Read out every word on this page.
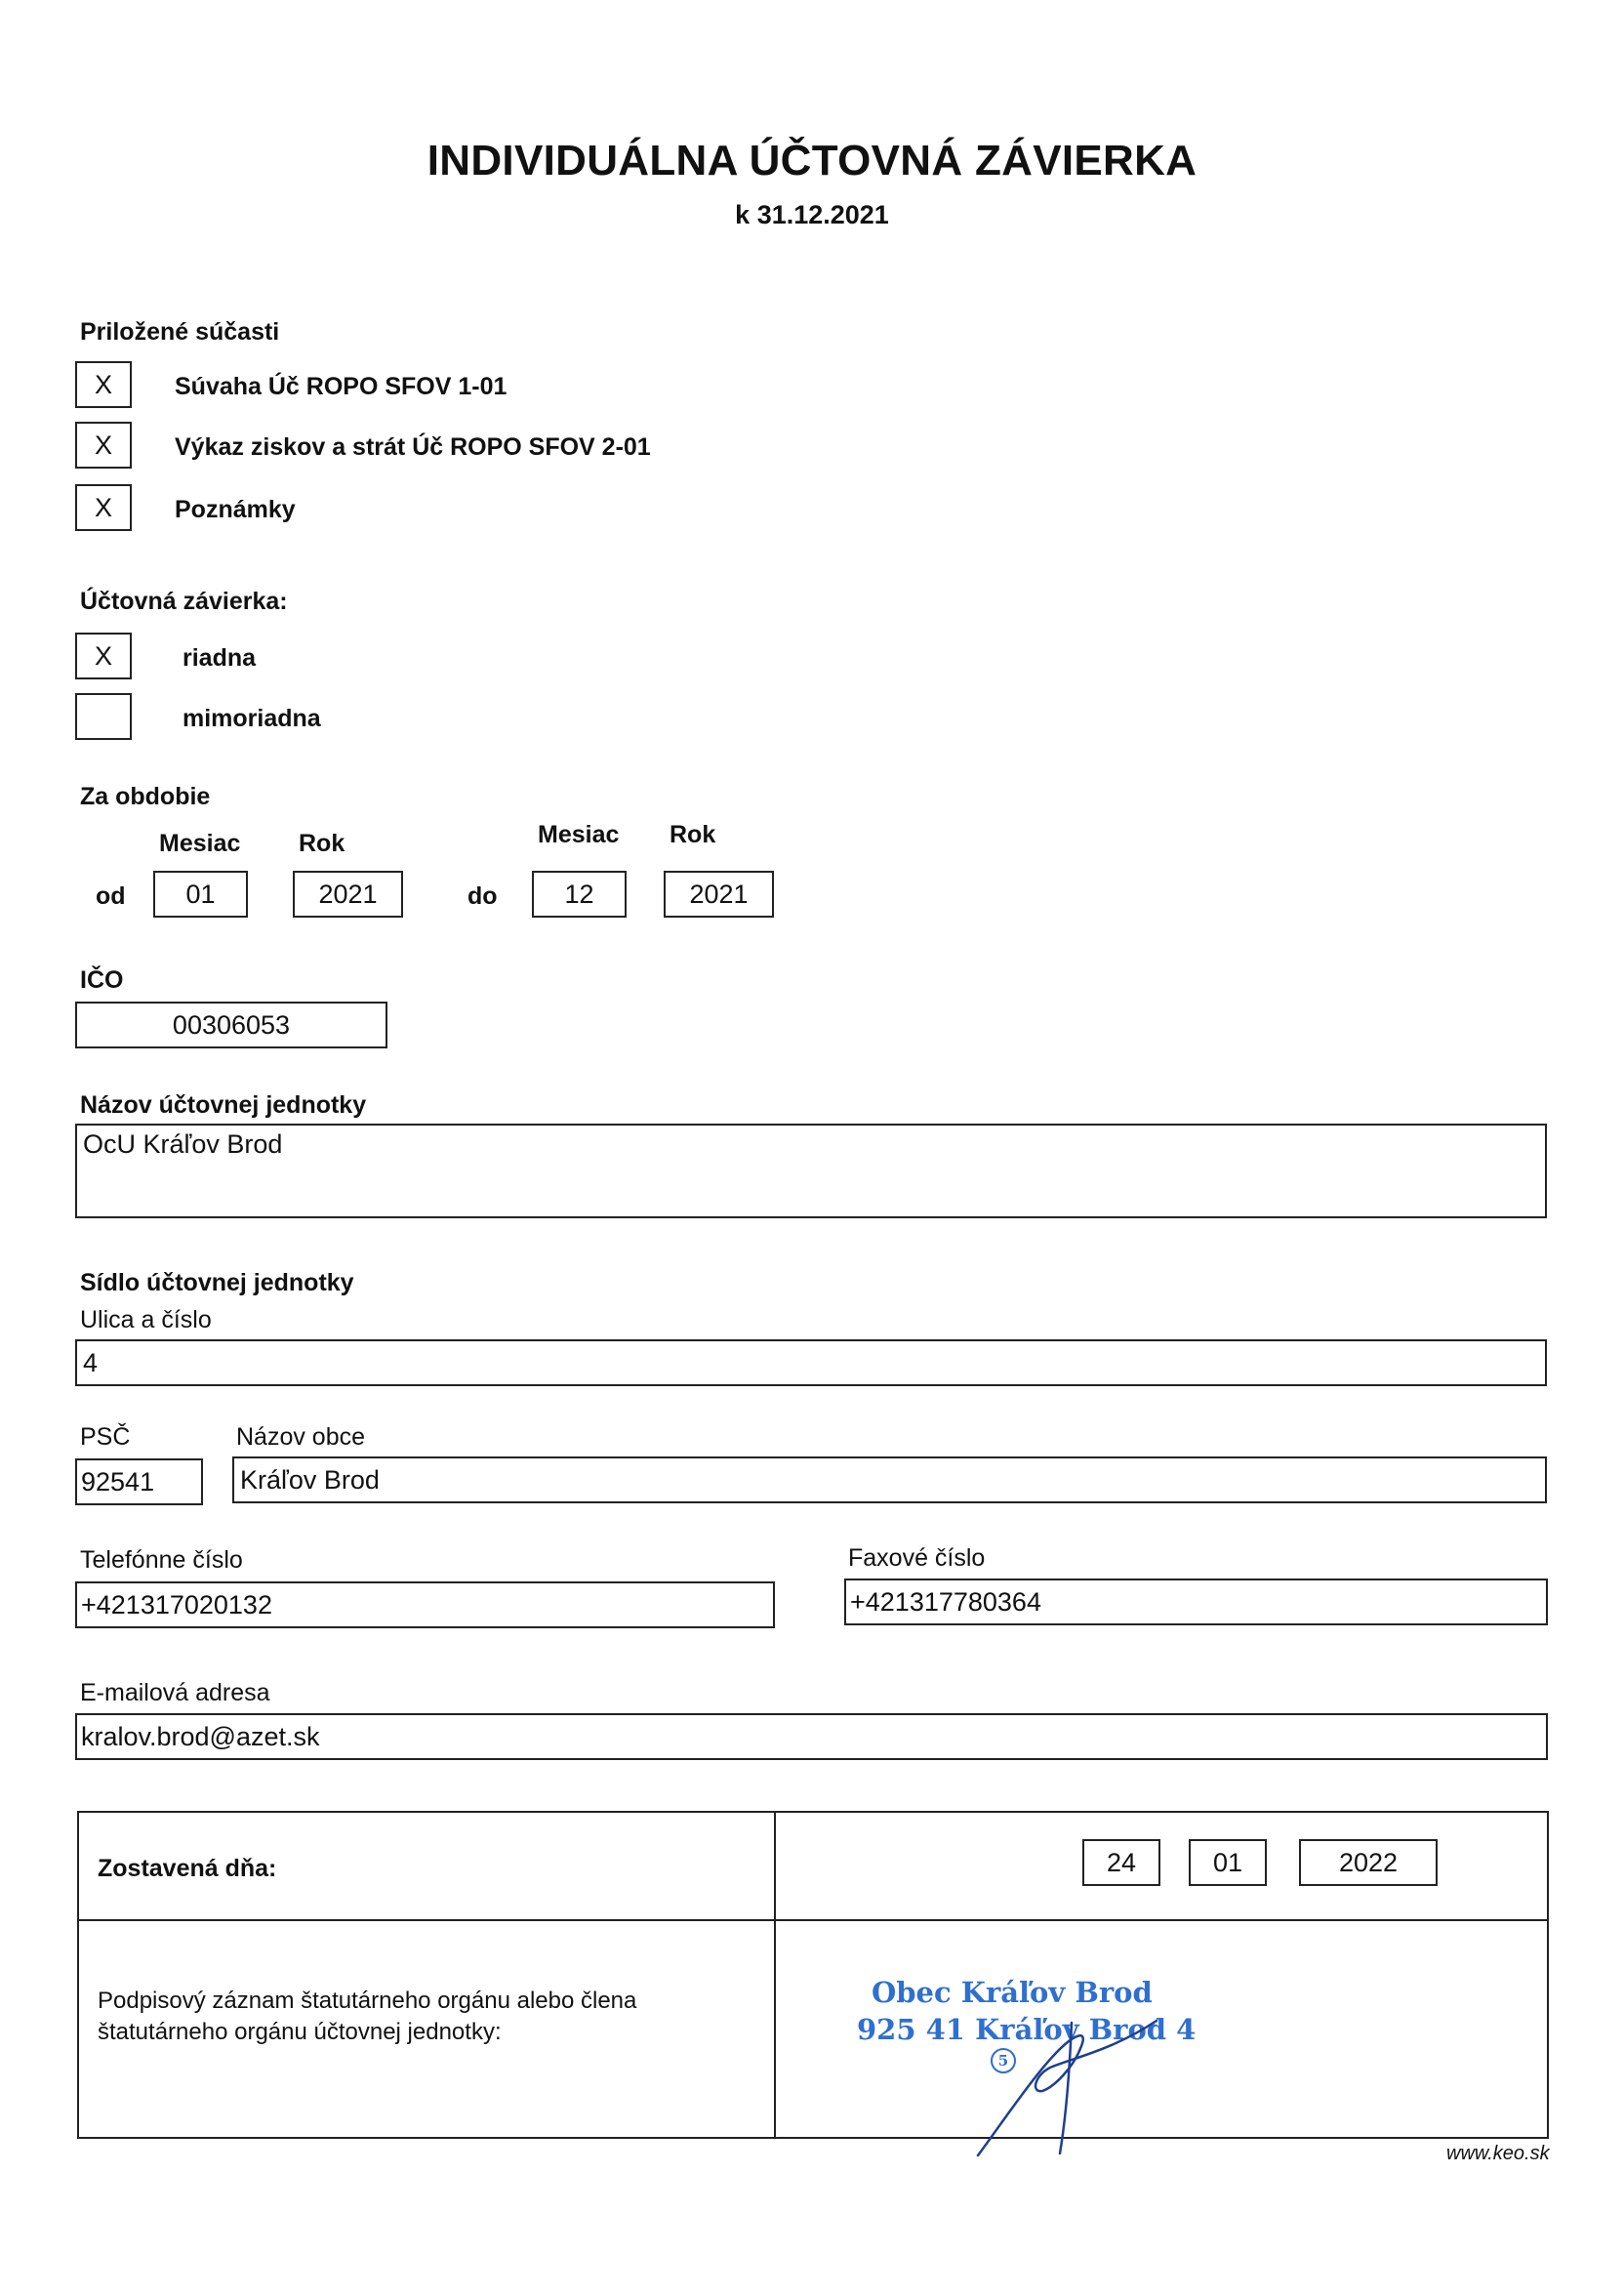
INDIVIDUÁLNA ÚČTOVNÁ ZÁVIERKA
k 31.12.2021
Priložené súčasti
X	Súvaha Úč ROPO SFOV 1-01
X	Výkaz ziskov a strát Úč ROPO SFOV 2-01
X	Poznámky
Účtovná závierka:
X	riadna
mimoriadna
Za obdobie
Mesiac Rok	Mesiac Rok
od	01	2021	do	12	2021
IČO
00306053
Názov účtovnej jednotky
OcU Kráľov Brod
Sídlo účtovnej jednotky
Ulica a číslo
4
PSČ	Názov obce
92541	Kráľov Brod
Telefónne číslo
+421317020132
Faxové číslo
+421317780364
E-mailová adresa
kralov.brod@azet.sk
Zostavená dňa:	24	01	2022
Podpisový záznam štatutárneho orgánu alebo člena
štatutárneho orgánu účtovnej jednotky:
Obec Kráľov Brod
925 41 Kráľov Brod 4
5
www.keo.sk
